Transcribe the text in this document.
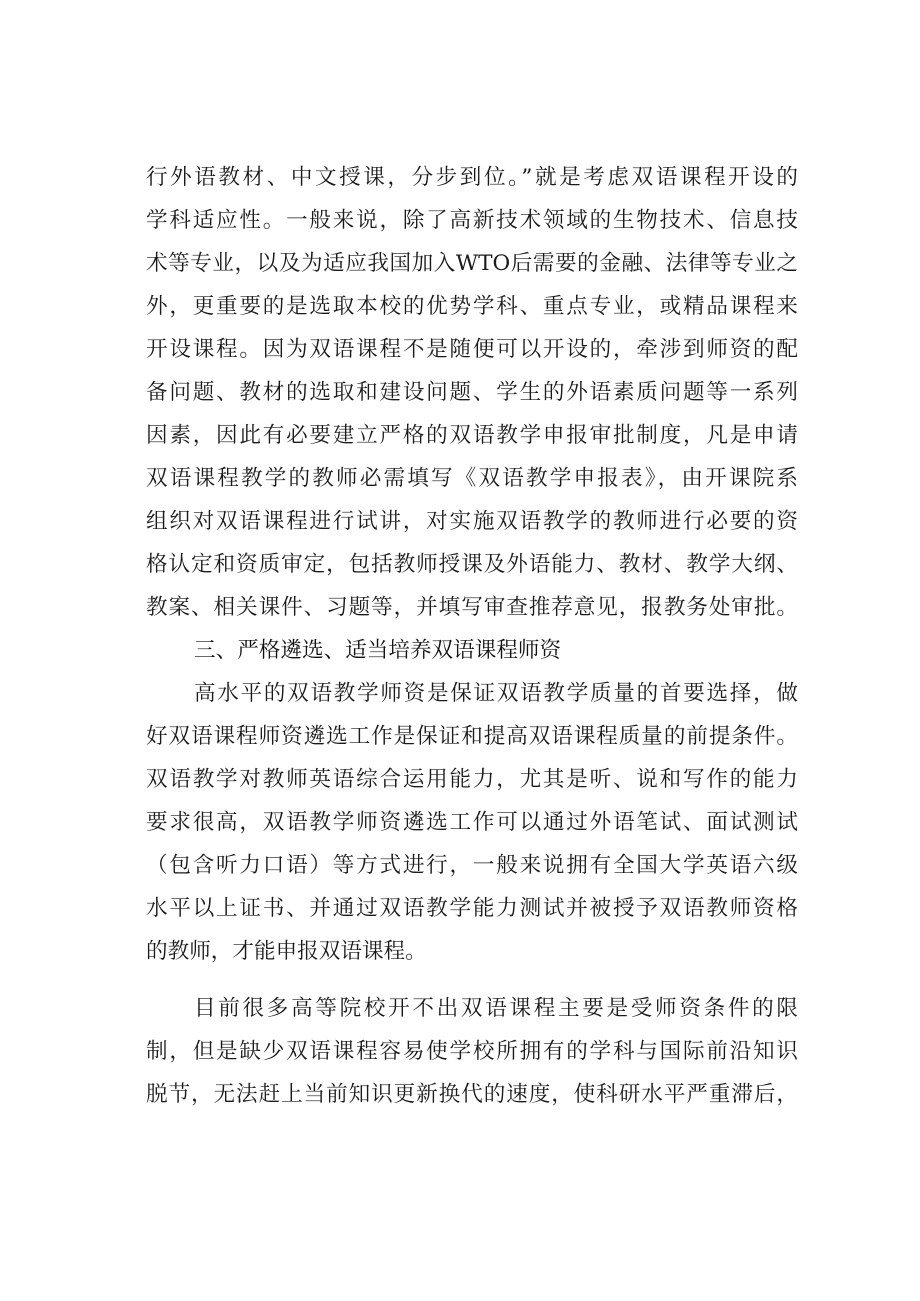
行外语教材、中文授课，分步到位。”就是考虑双语课程开设的
学科适应性。一般来说，除了高新技术领域的生物技术、信息技
术等专业，以及为适应我国加入WTO后需要的金融、法律等专业之
外，更重要的是选取本校的优势学科、重点专业，或精品课程来
开设课程。因为双语课程不是随便可以开设的，牵涉到师资的配
备问题、教材的选取和建设问题、学生的外语素质问题等一系列
因素，因此有必要建立严格的双语教学申报审批制度，凡是申请
双语课程教学的教师必需填写《双语教学申报表》，由开课院系
组织对双语课程进行试讲，对实施双语教学的教师进行必要的资
格认定和资质审定，包括教师授课及外语能力、教材、教学大纲、
教案、相关课件、习题等，并填写审查推荐意见，报教务处审批。
三、严格遴选、适当培养双语课程师资
高水平的双语教学师资是保证双语教学质量的首要选择，做
好双语课程师资遴选工作是保证和提高双语课程质量的前提条件。
双语教学对教师英语综合运用能力，尤其是听、说和写作的能力
要求很高，双语教学师资遴选工作可以通过外语笔试、面试测试
（包含听力口语）等方式进行，一般来说拥有全国大学英语六级
水平以上证书、并通过双语教学能力测试并被授予双语教师资格
的教师，才能申报双语课程。
目前很多高等院校开不出双语课程主要是受师资条件的限
制，但是缺少双语课程容易使学校所拥有的学科与国际前沿知识
脱节，无法赶上当前知识更新换代的速度，使科研水平严重滞后，
